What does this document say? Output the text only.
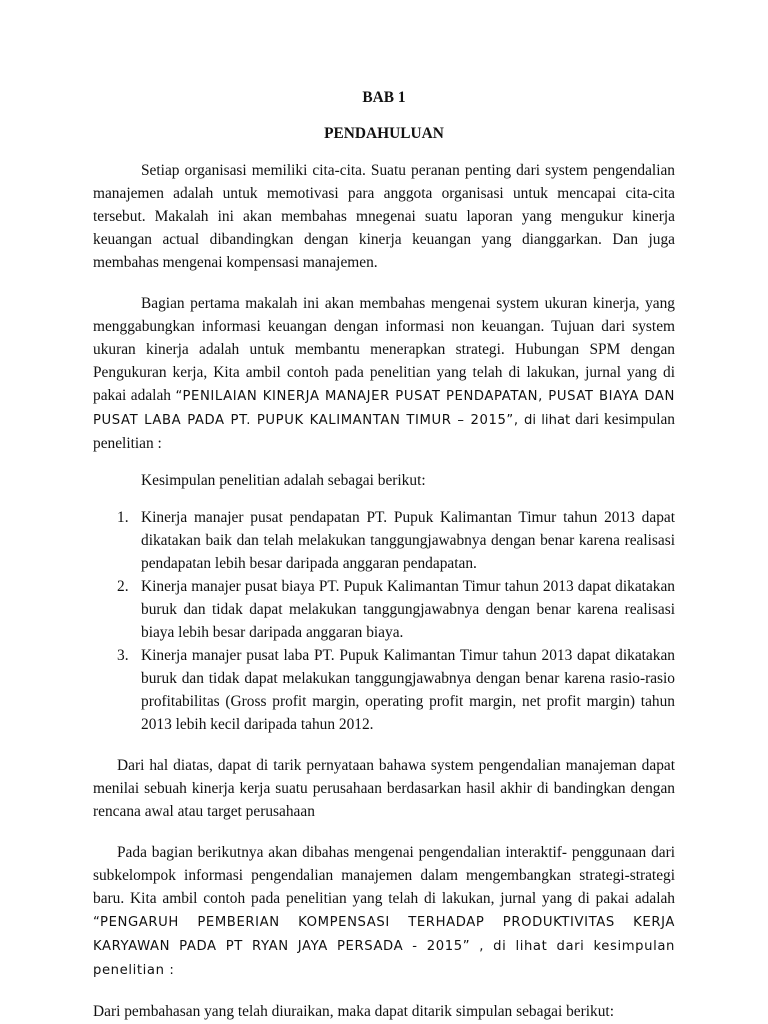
BAB 1

PENDAHULUAN

Setiap organisasi memiliki cita-cita. Suatu peranan penting dari system pengendalian manajemen adalah untuk memotivasi para anggota organisasi untuk mencapai cita-cita tersebut. Makalah ini akan membahas mnegenai suatu laporan yang mengukur kinerja keuangan actual dibandingkan dengan kinerja keuangan yang dianggarkan. Dan juga membahas mengenai kompensasi manajemen.

Bagian pertama makalah ini akan membahas mengenai system ukuran kinerja, yang menggabungkan informasi keuangan dengan informasi non keuangan. Tujuan dari system ukuran kinerja adalah untuk membantu menerapkan strategi. Hubungan SPM dengan Pengukuran kerja, Kita ambil contoh pada penelitian yang telah di lakukan, jurnal yang di pakai adalah “PENILAIAN KINERJA MANAJER PUSAT PENDAPATAN, PUSAT BIAYA DAN PUSAT LABA PADA PT. PUPUK KALIMANTAN TIMUR – 2015”, di lihat dari kesimpulan penelitian :

Kesimpulan penelitian adalah sebagai berikut:

1. Kinerja manajer pusat pendapatan PT. Pupuk Kalimantan Timur tahun 2013 dapat dikatakan baik dan telah melakukan tanggungjawabnya dengan benar karena realisasi pendapatan lebih besar daripada anggaran pendapatan.
2. Kinerja manajer pusat biaya PT. Pupuk Kalimantan Timur tahun 2013 dapat dikatakan buruk dan tidak dapat melakukan tanggungjawabnya dengan benar karena realisasi biaya lebih besar daripada anggaran biaya.
3. Kinerja manajer pusat laba PT. Pupuk Kalimantan Timur tahun 2013 dapat dikatakan buruk dan tidak dapat melakukan tanggungjawabnya dengan benar karena rasio-rasio profitabilitas (Gross profit margin, operating profit margin, net profit margin) tahun 2013 lebih kecil daripada tahun 2012.

Dari hal diatas, dapat di tarik pernyataan bahawa system pengendalian manajeman dapat menilai sebuah kinerja kerja suatu perusahaan berdasarkan hasil akhir di bandingkan dengan rencana awal atau target perusahaan

Pada bagian berikutnya akan dibahas mengenai pengendalian interaktif- penggunaan dari subkelompok informasi pengendalian manajemen dalam mengembangkan strategi-strategi baru. Kita ambil contoh pada penelitian yang telah di lakukan, jurnal yang di pakai adalah “PENGARUH PEMBERIAN KOMPENSASI TERHADAP PRODUKTIVITAS KERJA KARYAWAN PADA PT RYAN JAYA PERSADA - 2015” , di lihat dari kesimpulan penelitian :

Dari pembahasan yang telah diuraikan, maka dapat ditarik simpulan sebagai berikut:
